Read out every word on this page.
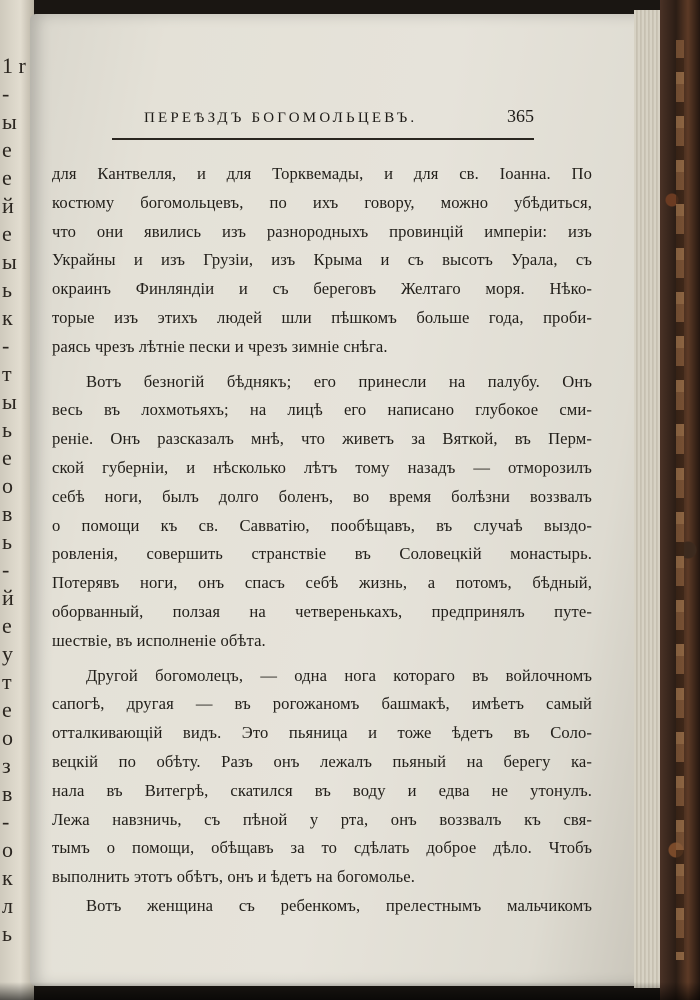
1 r
-
ы
е
е
й
е
ы
ь
к
-
т
ы
ь
е
о
в
ь
-
й
е
у
т
е
о
з
в
-
о
к
л
ь
ПЕРЕѢЗДЪ БОГОМОЛЬЦЕВЪ.	365
для Кантвелля, и для Торквемады, и для св. Іоанна. По
костюму богомольцевъ, по ихъ говору, можно убѣдиться,
что они явились изъ разнородныхъ провинцій имперіи: изъ
Украйны и изъ Грузіи, изъ Крыма и съ высотъ Урала, съ
окраинъ Финляндіи и съ береговъ Желтаго моря. Нѣко-
торые изъ этихъ людей шли пѣшкомъ больше года, проби-
раясь чрезъ лѣтніе пески и чрезъ зимніе снѣга.
Вотъ безногій бѣднякъ; его принесли на палубу. Онъ
весь въ лохмотьяхъ; на лицѣ его написано глубокое сми-
реніе. Онъ разсказалъ мнѣ, что живетъ за Вяткой, въ Перм-
ской губерніи, и нѣсколько лѣтъ тому назадъ — отморозилъ
себѣ ноги, былъ долго боленъ, во время болѣзни воззвалъ
о помощи къ св. Савватію, пообѣщавъ, въ случаѣ выздо-
ровленія, совершить странствіе въ Соловецкій монастырь.
Потерявъ ноги, онъ спасъ себѣ жизнь, а потомъ, бѣдный,
оборванный, ползая на четверенькахъ, предпринялъ путе-
шествіе, въ исполненіе обѣта.
Другой богомолецъ, — одна нога котораго въ войлочномъ
сапогѣ, другая — въ рогожаномъ башмакѣ, имѣетъ самый
отталкивающій видъ. Это пьяница и тоже ѣдетъ въ Соло-
вецкій по обѣту. Разъ онъ лежалъ пьяный на берегу ка-
нала въ Витегрѣ, скатился въ воду и едва не утонулъ.
Лежа навзничь, съ пѣной у рта, онъ воззвалъ къ свя-
тымъ о помощи, обѣщавъ за то сдѣлать доброе дѣло. Чтобъ
выполнить этотъ обѣтъ, онъ и ѣдетъ на богомолье.
Вотъ женщина съ ребенкомъ, прелестнымъ мальчикомъ
